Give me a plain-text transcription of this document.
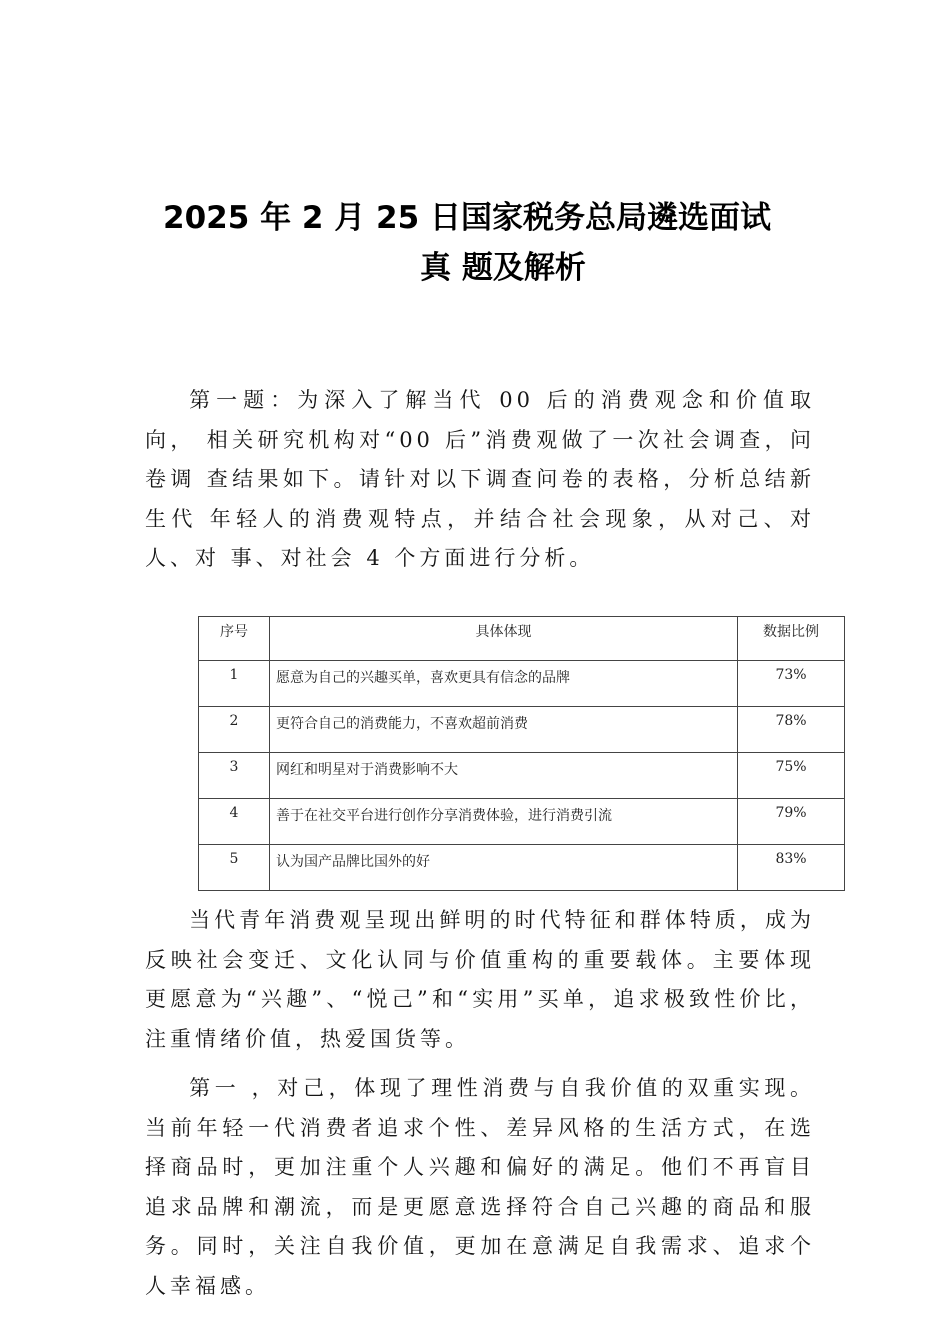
2025 年 2 月 25 日国家税务总局遴选面试
真 题及解析

第一题：为深入了解当代 00 后的消费观念和价值取向， 相关研究机构对“00 后”消费观做了一次社会调查，问卷调 查结果如下。请针对以下调查问卷的表格，分析总结新生代 年轻人的消费观特点，并结合社会现象，从对己、对人、对 事、对社会 4 个方面进行分析。

序号	具体体现	数据比例
1	愿意为自己的兴趣买单，喜欢更具有信念的品牌	73%
2	更符合自己的消费能力，不喜欢超前消费	78%
3	网红和明星对于消费影响不大	75%
4	善于在社交平台进行创作分享消费体验，进行消费引流	79%
5	认为国产品牌比国外的好	83%

当代青年消费观呈现出鲜明的时代特征和群体特质，成为反映社会变迁、文化认同与价值重构的重要载体。主要体现更愿意为“兴趣”、“悦己”和“实用”买单，追求极致性价比，注重情绪价值，热爱国货等。

第一 ，对己，体现了理性消费与自我价值的双重实现。 当前年轻一代消费者追求个性、差异风格的生活方式，在选 择商品时，更加注重个人兴趣和偏好的满足。他们不再盲目 追求品牌和潮流，而是更愿意选择符合自己兴趣的商品和服 务。同时，关注自我价值，更加在意满足自我需求、追求个 人幸福感。
